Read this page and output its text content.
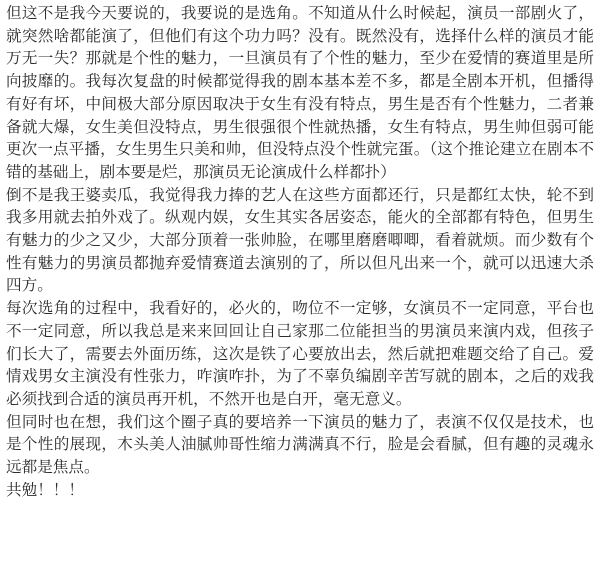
但这不是我今天要说的，我要说的是选角。不知道从什么时候起，演员一部剧火了，就突然啥都能演了，但他们有这个功力吗？没有。既然没有，选择什么样的演员才能万无一失？那就是个性的魅力，一旦演员有了个性的魅力，至少在爱情的赛道里是所向披靡的。我每次复盘的时候都觉得我的剧本基本差不多，都是全剧本开机，但播得有好有坏，中间极大部分原因取决于女生有没有特点，男生是否有个性魅力，二者兼备就大爆，女生美但没特点，男生很强很个性就热播，女生有特点，男生帅但弱可能更次一点平播，女生男生只美和帅，但没特点没个性就完蛋。（这个推论建立在剧本不错的基础上，剧本要是烂，那演员无论演成什么样都扑）

倒不是我王婆卖瓜，我觉得我力捧的艺人在这些方面都还行，只是都红太快，轮不到我多用就去拍外戏了。纵观内娱，女生其实各居姿态，能火的全部都有特色，但男生有魅力的少之又少，大部分顶着一张帅脸，在哪里磨磨唧唧，看着就烦。而少数有个性有魅力的男演员都抛弃爱情赛道去演别的了，所以但凡出来一个，就可以迅速大杀四方。

每次选角的过程中，我看好的，必火的，吻位不一定够，女演员不一定同意，平台也不一定同意，所以我总是来来回回让自己家那二位能担当的男演员来演内戏，但孩子们长大了，需要去外面历练，这次是铁了心要放出去，然后就把难题交给了自己。爱情戏男女主演没有性张力，咋演咋扑，为了不辜负编剧辛苦写就的剧本，之后的戏我必须找到合适的演员再开机，不然开也是白开，毫无意义。

但同时也在想，我们这个圈子真的要培养一下演员的魅力了，表演不仅仅是技术，也是个性的展现，木头美人油腻帅哥性缩力满满真不行，脸是会看腻，但有趣的灵魂永远都是焦点。

共勉！！！
